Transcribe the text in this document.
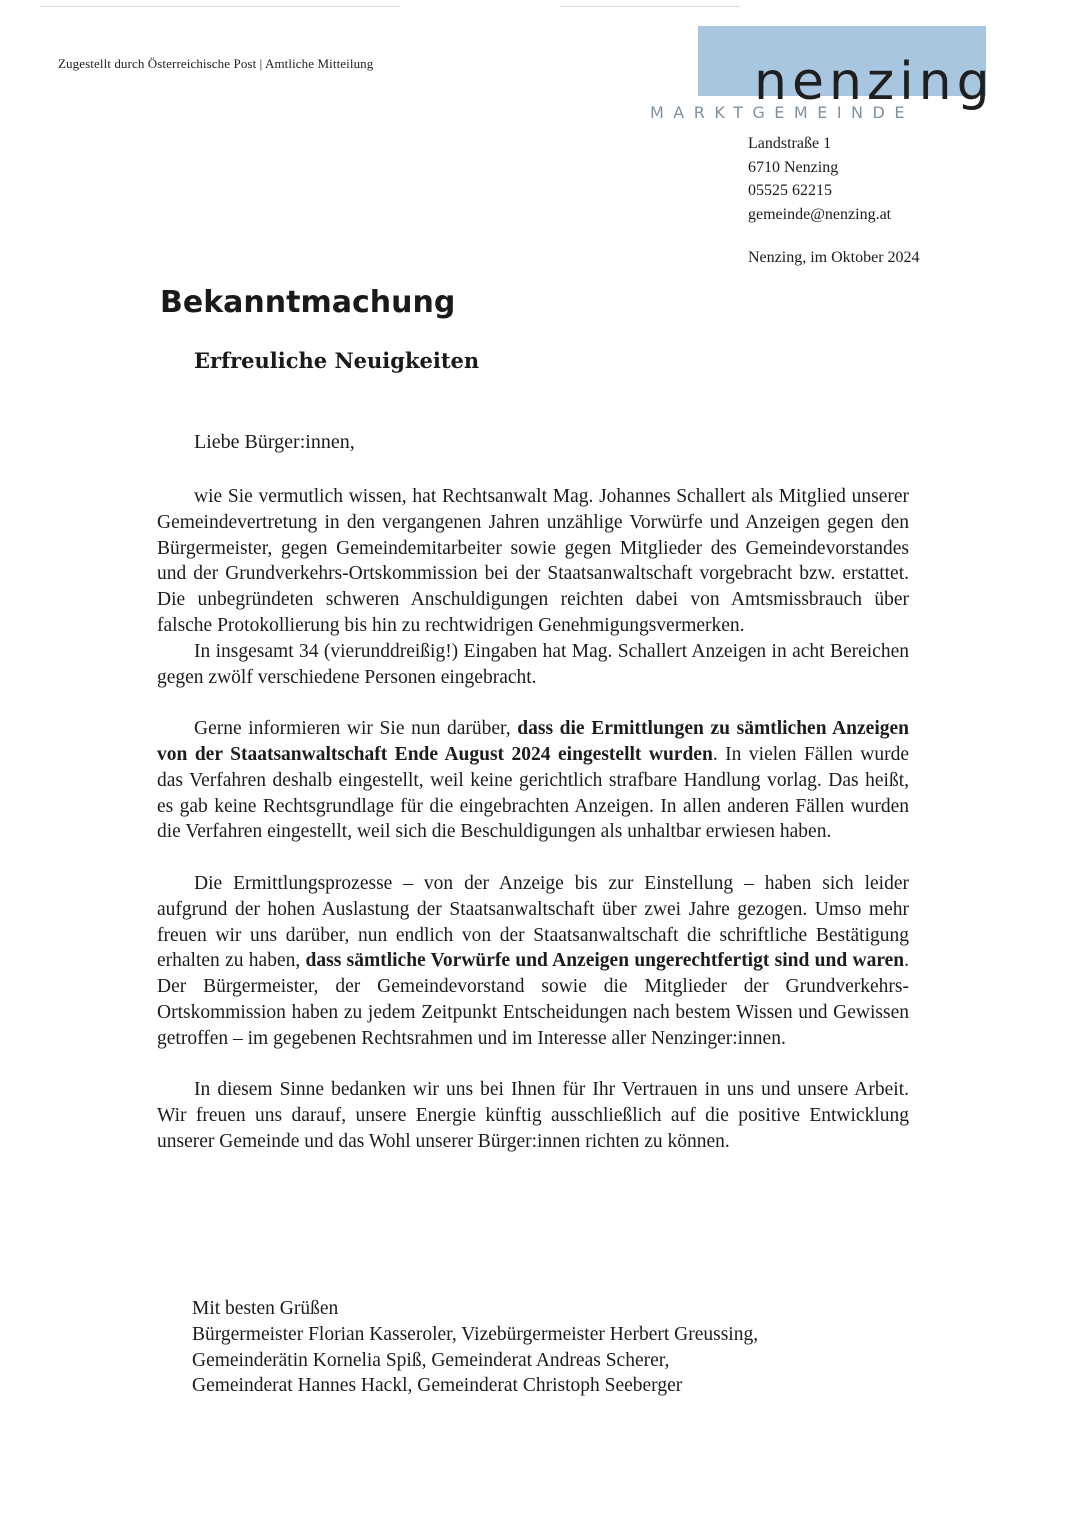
Zugestellt durch Österreichische Post | Amtliche Mitteilung	nenzing
MARKTGEMEINDE
Landstraße 1
6710 Nenzing
05525 62215
gemeinde@nenzing.at
Nenzing, im Oktober 2024
Bekanntmachung
Erfreuliche Neuigkeiten
Liebe Bürger:innen,

wie Sie vermutlich wissen, hat Rechtsanwalt Mag. Johannes Schallert als Mitglied unserer Gemeindevertretung in den vergangenen Jahren unzählige Vorwürfe und Anzeigen gegen den Bürgermeister, gegen Gemeindemitarbeiter sowie gegen Mitglieder des Gemeindevorstandes und der Grundverkehrs-Ortskommission bei der Staatsanwaltschaft vorgebracht bzw. erstattet. Die unbegründeten schweren Anschuldigungen reichten dabei von Amtsmissbrauch über falsche Protokollierung bis hin zu rechtwidrigen Genehmigungsvermerken.

In insgesamt 34 (vierunddreißig!) Eingaben hat Mag. Schallert Anzeigen in acht Bereichen gegen zwölf verschiedene Personen eingebracht.

Gerne informieren wir Sie nun darüber, dass die Ermittlungen zu sämtlichen Anzeigen von der Staatsanwaltschaft Ende August 2024 eingestellt wurden. In vielen Fällen wurde das Verfahren deshalb eingestellt, weil keine gerichtlich strafbare Handlung vorlag. Das heißt, es gab keine Rechtsgrundlage für die eingebrachten Anzeigen. In allen anderen Fällen wurden die Verfahren eingestellt, weil sich die Beschuldigungen als unhaltbar erwiesen haben.

Die Ermittlungsprozesse – von der Anzeige bis zur Einstellung – haben sich leider aufgrund der hohen Auslastung der Staatsanwaltschaft über zwei Jahre gezogen. Umso mehr freuen wir uns darüber, nun endlich von der Staatsanwaltschaft die schriftliche Bestätigung erhalten zu haben, dass sämtliche Vorwürfe und Anzeigen ungerechtfertigt sind und waren. Der Bürgermeister, der Gemeindevorstand sowie die Mitglieder der Grundverkehrs-Ortskommission haben zu jedem Zeitpunkt Entscheidungen nach bestem Wissen und Gewissen getroffen – im gegebenen Rechtsrahmen und im Interesse aller Nenzinger:innen.

In diesem Sinne bedanken wir uns bei Ihnen für Ihr Vertrauen in uns und unsere Arbeit. Wir freuen uns darauf, unsere Energie künftig ausschließlich auf die positive Entwicklung unserer Gemeinde und das Wohl unserer Bürger:innen richten zu können.

Mit besten Grüßen
Bürgermeister Florian Kasseroler, Vizebürgermeister Herbert Greussing,
Gemeinderätin Kornelia Spiß, Gemeinderat Andreas Scherer,
Gemeinderat Hannes Hackl, Gemeinderat Christoph Seeberger
